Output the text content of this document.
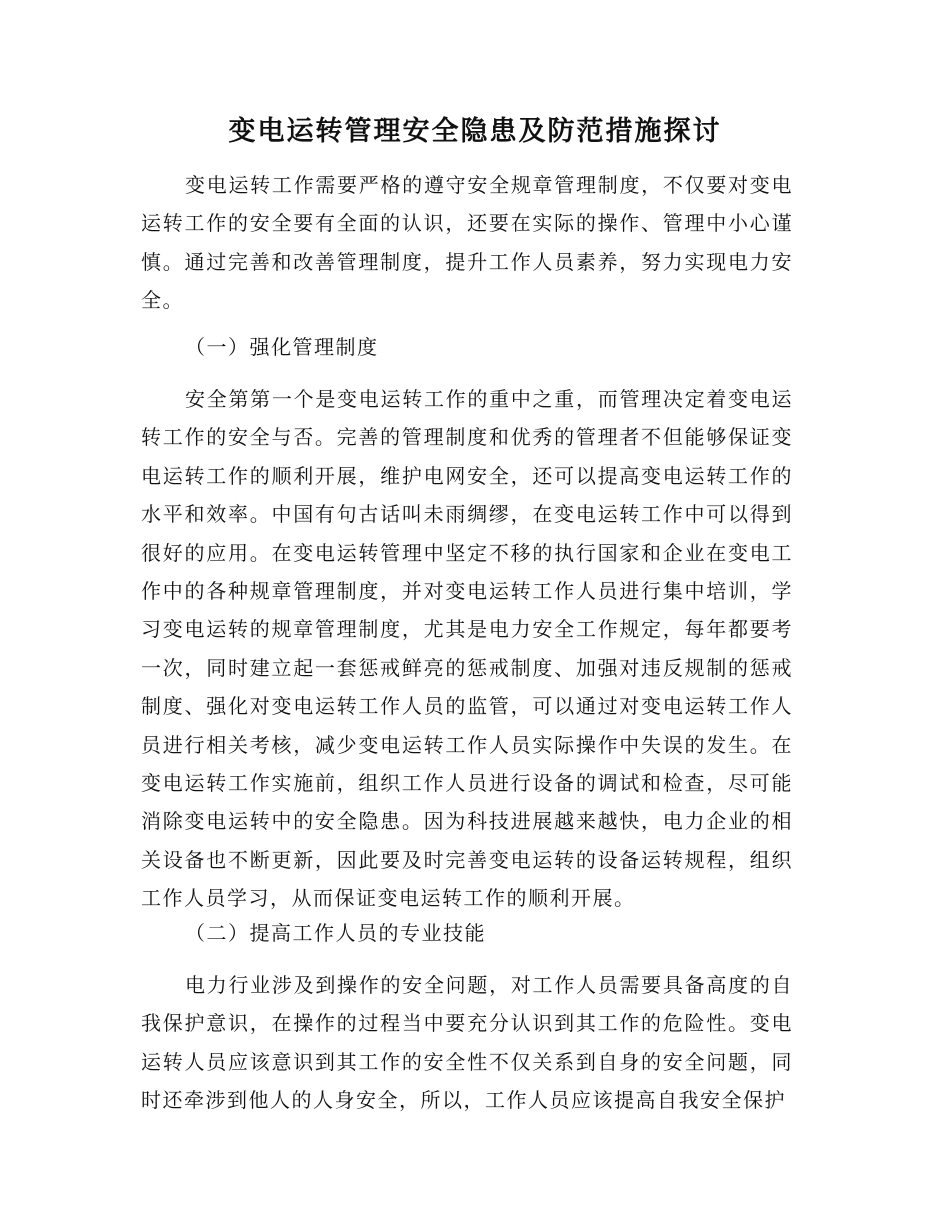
变电运转管理安全隐患及防范措施探讨

变电运转工作需要严格的遵守安全规章管理制度，不仅要对变电运转工作的安全要有全面的认识，还要在实际的操作、管理中小心谨慎。通过完善和改善管理制度，提升工作人员素养，努力实现电力安全。

（一）强化管理制度

安全第第一个是变电运转工作的重中之重，而管理决定着变电运转工作的安全与否。完善的管理制度和优秀的管理者不但能够保证变电运转工作的顺利开展，维护电网安全，还可以提高变电运转工作的水平和效率。中国有句古话叫未雨绸缪，在变电运转工作中可以得到很好的应用。在变电运转管理中坚定不移的执行国家和企业在变电工作中的各种规章管理制度，并对变电运转工作人员进行集中培训，学习变电运转的规章管理制度，尤其是电力安全工作规定，每年都要考一次，同时建立起一套惩戒鲜亮的惩戒制度、加强对违反规制的惩戒制度、强化对变电运转工作人员的监管，可以通过对变电运转工作人员进行相关考核，减少变电运转工作人员实际操作中失误的发生。在变电运转工作实施前，组织工作人员进行设备的调试和检查，尽可能消除变电运转中的安全隐患。因为科技进展越来越快，电力企业的相关设备也不断更新，因此要及时完善变电运转的设备运转规程，组织工作人员学习，从而保证变电运转工作的顺利开展。

（二）提高工作人员的专业技能

电力行业涉及到操作的安全问题，对工作人员需要具备高度的自我保护意识，在操作的过程当中要充分认识到其工作的危险性。变电运转人员应该意识到其工作的安全性不仅关系到自身的安全问题，同时还牵涉到他人的人身安全，所以，工作人员应该提高自我安全保护
